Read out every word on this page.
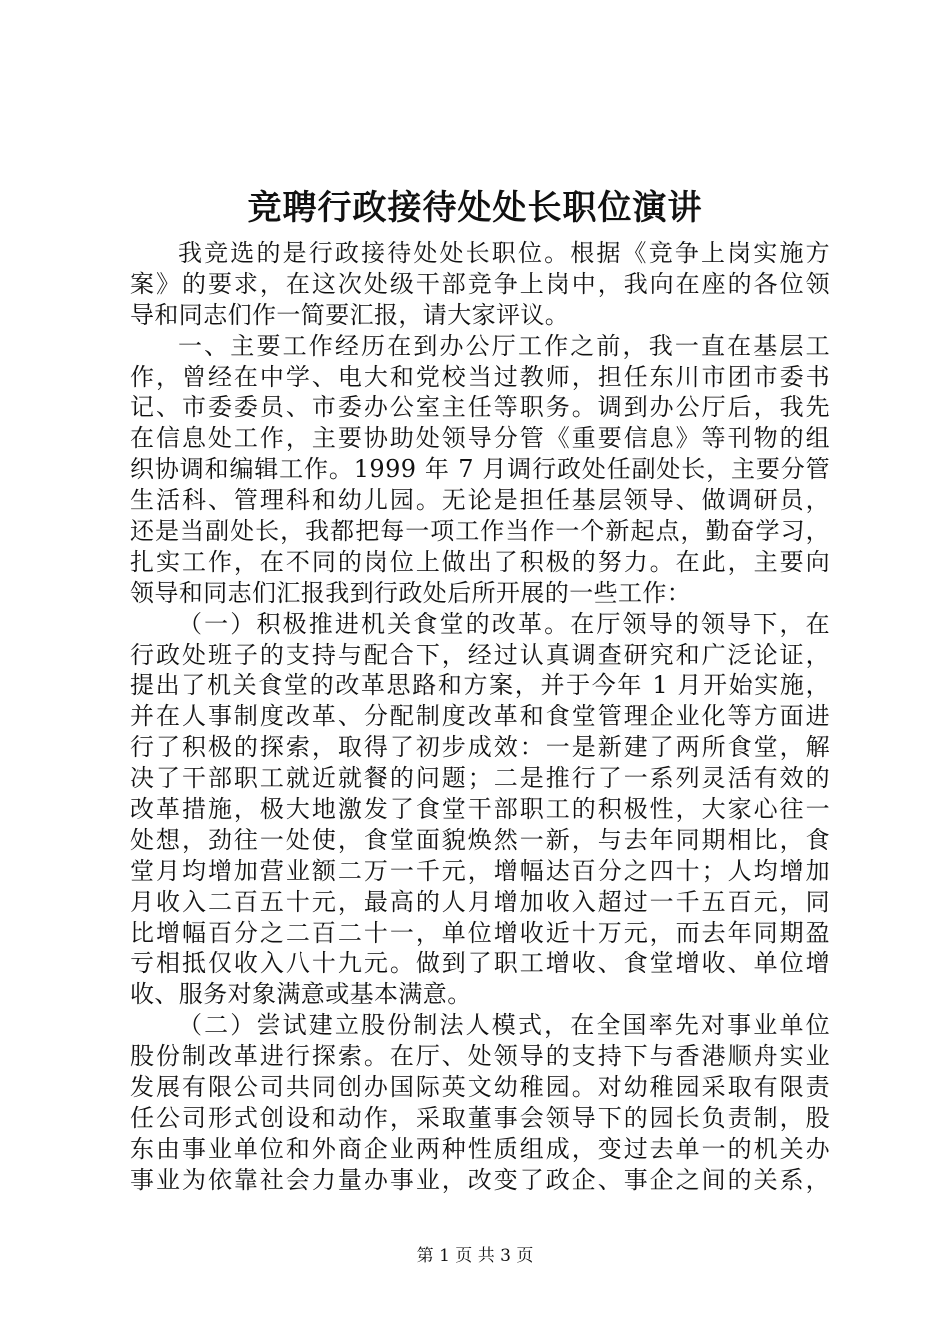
竞聘行政接待处处长职位演讲
我竞选的是行政接待处处长职位。根据《竞争上岗实施方
案》的要求，在这次处级干部竞争上岗中，我向在座的各位领
导和同志们作一简要汇报，请大家评议。
一、主要工作经历在到办公厅工作之前，我一直在基层工
作，曾经在中学、电大和党校当过教师，担任东川市团市委书
记、市委委员、市委办公室主任等职务。调到办公厅后，我先
在信息处工作，主要协助处领导分管《重要信息》等刊物的组
织协调和编辑工作。1999 年 7 月调行政处任副处长，主要分管
生活科、管理科和幼儿园。无论是担任基层领导、做调研员，
还是当副处长，我都把每一项工作当作一个新起点，勤奋学习，
扎实工作，在不同的岗位上做出了积极的努力。在此，主要向
领导和同志们汇报我到行政处后所开展的一些工作：
（一）积极推进机关食堂的改革。在厅领导的领导下，在
行政处班子的支持与配合下，经过认真调查研究和广泛论证，
提出了机关食堂的改革思路和方案，并于今年 1 月开始实施，
并在人事制度改革、分配制度改革和食堂管理企业化等方面进
行了积极的探索，取得了初步成效：一是新建了两所食堂，解
决了干部职工就近就餐的问题；二是推行了一系列灵活有效的
改革措施，极大地激发了食堂干部职工的积极性，大家心往一
处想，劲往一处使，食堂面貌焕然一新，与去年同期相比，食
堂月均增加营业额二万一千元，增幅达百分之四十；人均增加
月收入二百五十元，最高的人月增加收入超过一千五百元，同
比增幅百分之二百二十一，单位增收近十万元，而去年同期盈
亏相抵仅收入八十九元。做到了职工增收、食堂增收、单位增
收、服务对象满意或基本满意。
（二）尝试建立股份制法人模式，在全国率先对事业单位
股份制改革进行探索。在厅、处领导的支持下与香港顺舟实业
发展有限公司共同创办国际英文幼稚园。对幼稚园采取有限责
任公司形式创设和动作，采取董事会领导下的园长负责制，股
东由事业单位和外商企业两种性质组成，变过去单一的机关办
事业为依靠社会力量办事业，改变了政企、事企之间的关系，
第 1 页 共 3 页
